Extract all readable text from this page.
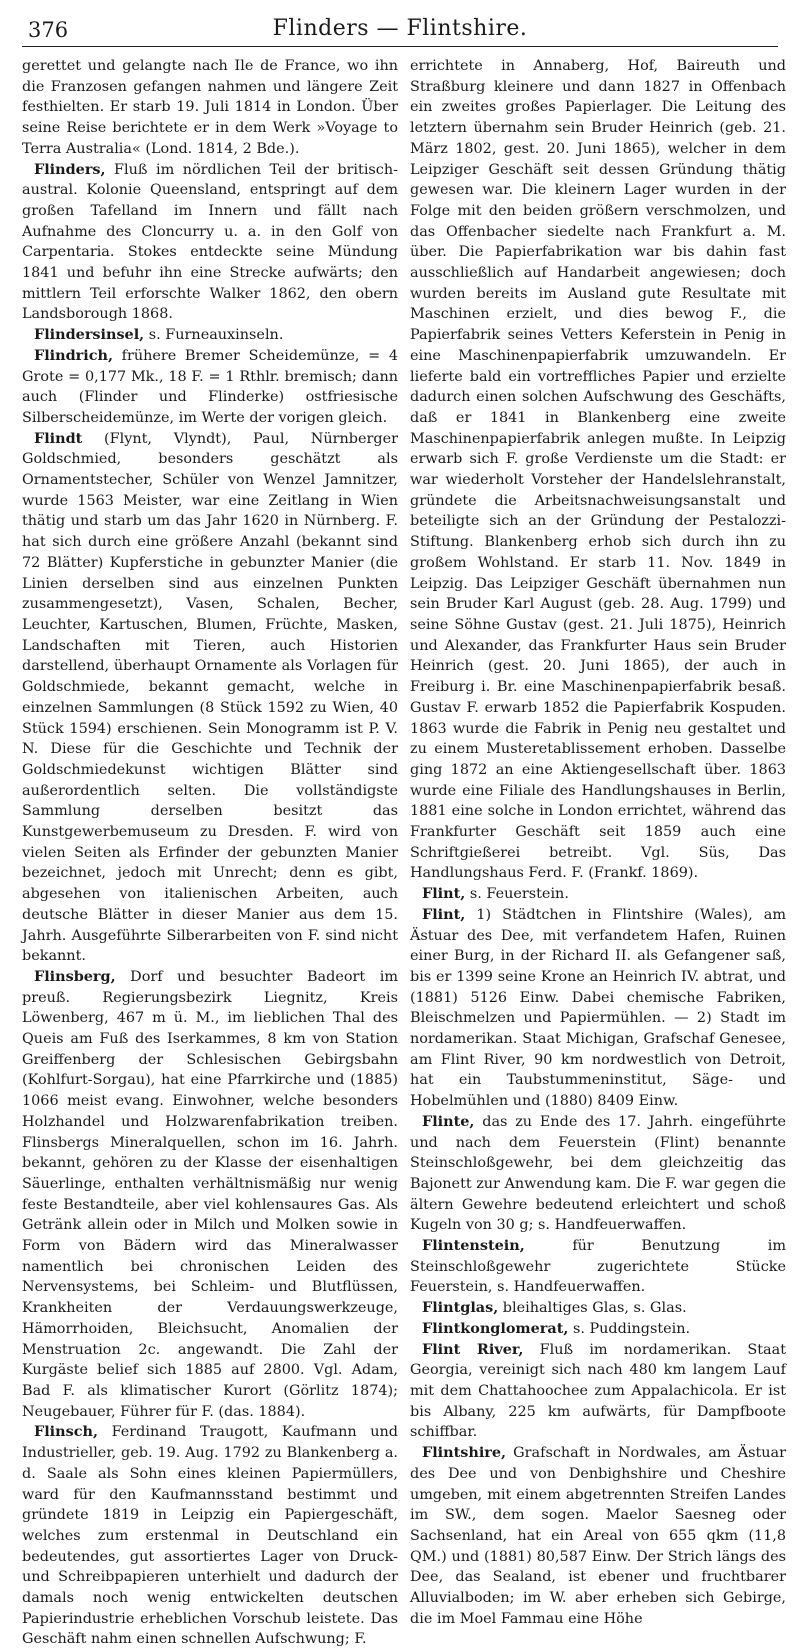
376	Flinders — Flintshire.

gerettet und gelangte nach Ile de France, wo ihn die Franzosen gefangen nahmen und längere Zeit festhielten. Er starb 19. Juli 1814 in London. Über seine Reise berichtete er in dem Werk »Voyage to Terra Australia« (Lond. 1814, 2 Bde.).

Flinders, Fluß im nördlichen Teil der britisch-austral. Kolonie Queensland, entspringt auf dem großen Tafelland im Innern und fällt nach Aufnahme des Cloncurry u. a. in den Golf von Carpentaria. Stokes entdeckte seine Mündung 1841 und befuhr ihn eine Strecke aufwärts; den mittlern Teil erforschte Walker 1862, den obern Landsborough 1868.

Flindersinsel, s. Furneauxinseln.

Flindrich, frühere Bremer Scheidemünze, = 4 Grote = 0,177 Mk., 18 F. = 1 Rthlr. bremisch; dann auch (Flinder und Flinderke) ostfriesische Silberscheidemünze, im Werte der vorigen gleich.

Flindt (Flynt, Vlyndt), Paul, Nürnberger Goldschmied, besonders geschätzt als Ornamentstecher, Schüler von Wenzel Jamnitzer, wurde 1563 Meister, war eine Zeitlang in Wien thätig und starb um das Jahr 1620 in Nürnberg. F. hat sich durch eine größere Anzahl (bekannt sind 72 Blätter) Kupferstiche in gebunzter Manier (die Linien derselben sind aus einzelnen Punkten zusammengesetzt), Vasen, Schalen, Becher, Leuchter, Kartuschen, Blumen, Früchte, Masken, Landschaften mit Tieren, auch Historien darstellend, überhaupt Ornamente als Vorlagen für Goldschmiede, bekannt gemacht, welche in einzelnen Sammlungen (8 Stück 1592 zu Wien, 40 Stück 1594) erschienen. Sein Monogramm ist P. V. N. Diese für die Geschichte und Technik der Goldschmiedekunst wichtigen Blätter sind außerordentlich selten. Die vollständigste Sammlung derselben besitzt das Kunstgewerbemuseum zu Dresden. F. wird von vielen Seiten als Erfinder der gebunzten Manier bezeichnet, jedoch mit Unrecht; denn es gibt, abgesehen von italienischen Arbeiten, auch deutsche Blätter in dieser Manier aus dem 15. Jahrh. Ausgeführte Silberarbeiten von F. sind nicht bekannt.

Flinsberg, Dorf und besuchter Badeort im preuß. Regierungsbezirk Liegnitz, Kreis Löwenberg, 467 m ü. M., im lieblichen Thal des Queis am Fuß des Iserkammes, 8 km von Station Greiffenberg der Schlesischen Gebirgsbahn (Kohlfurt-Sorgau), hat eine Pfarrkirche und (1885) 1066 meist evang. Einwohner, welche besonders Holzhandel und Holzwarenfabrikation treiben. Flinsbergs Mineralquellen, schon im 16. Jahrh. bekannt, gehören zu der Klasse der eisenhaltigen Säuerlinge, enthalten verhältnismäßig nur wenig feste Bestandteile, aber viel kohlensaures Gas. Als Getränk allein oder in Milch und Molken sowie in Form von Bädern wird das Mineralwasser namentlich bei chronischen Leiden des Nervensystems, bei Schleim- und Blutflüssen, Krankheiten der Verdauungswerkzeuge, Hämorrhoiden, Bleichsucht, Anomalien der Menstruation 2c. angewandt. Die Zahl der Kurgäste belief sich 1885 auf 2800. Vgl. Adam, Bad F. als klimatischer Kurort (Görlitz 1874); Neugebauer, Führer für F. (das. 1884).

Flinsch, Ferdinand Traugott, Kaufmann und Industrieller, geb. 19. Aug. 1792 zu Blankenberg a. d. Saale als Sohn eines kleinen Papiermüllers, ward für den Kaufmannsstand bestimmt und gründete 1819 in Leipzig ein Papiergeschäft, welches zum erstenmal in Deutschland ein bedeutendes, gut assortiertes Lager von Druck- und Schreibpapieren unterhielt und dadurch der damals noch wenig entwickelten deutschen Papierindustrie erheblichen Vorschub leistete. Das Geschäft nahm einen schnellen Aufschwung; F.

errichtete in Annaberg, Hof, Baireuth und Straßburg kleinere und dann 1827 in Offenbach ein zweites großes Papierlager. Die Leitung des letztern übernahm sein Bruder Heinrich (geb. 21. März 1802, gest. 20. Juni 1865), welcher in dem Leipziger Geschäft seit dessen Gründung thätig gewesen war. Die kleinern Lager wurden in der Folge mit den beiden größern verschmolzen, und das Offenbacher siedelte nach Frankfurt a. M. über. Die Papierfabrikation war bis dahin fast ausschließlich auf Handarbeit angewiesen; doch wurden bereits im Ausland gute Resultate mit Maschinen erzielt, und dies bewog F., die Papierfabrik seines Vetters Keferstein in Penig in eine Maschinenpapierfabrik umzuwandeln. Er lieferte bald ein vortreffliches Papier und erzielte dadurch einen solchen Aufschwung des Geschäfts, daß er 1841 in Blankenberg eine zweite Maschinenpapierfabrik anlegen mußte. In Leipzig erwarb sich F. große Verdienste um die Stadt: er war wiederholt Vorsteher der Handelslehranstalt, gründete die Arbeitsnachweisungsanstalt und beteiligte sich an der Gründung der Pestalozzi-Stiftung. Blankenberg erhob sich durch ihn zu großem Wohlstand. Er starb 11. Nov. 1849 in Leipzig. Das Leipziger Geschäft übernahmen nun sein Bruder Karl August (geb. 28. Aug. 1799) und seine Söhne Gustav (gest. 21. Juli 1875), Heinrich und Alexander, das Frankfurter Haus sein Bruder Heinrich (gest. 20. Juni 1865), der auch in Freiburg i. Br. eine Maschinenpapierfabrik besaß. Gustav F. erwarb 1852 die Papierfabrik Kospuden. 1863 wurde die Fabrik in Penig neu gestaltet und zu einem Musteretablissement erhoben. Dasselbe ging 1872 an eine Aktiengesellschaft über. 1863 wurde eine Filiale des Handlungshauses in Berlin, 1881 eine solche in London errichtet, während das Frankfurter Geschäft seit 1859 auch eine Schriftgießerei betreibt. Vgl. Süs, Das Handlungshaus Ferd. F. (Frankf. 1869).

Flint, s. Feuerstein.

Flint, 1) Städtchen in Flintshire (Wales), am Ästuar des Dee, mit verfandetem Hafen, Ruinen einer Burg, in der Richard II. als Gefangener saß, bis er 1399 seine Krone an Heinrich IV. abtrat, und (1881) 5126 Einw. Dabei chemische Fabriken, Bleischmelzen und Papiermühlen. — 2) Stadt im nordamerikan. Staat Michigan, Grafschaf Genesee, am Flint River, 90 km nordwestlich von Detroit, hat ein Taubstummeninstitut, Säge- und Hobelmühlen und (1880) 8409 Einw.

Flinte, das zu Ende des 17. Jahrh. eingeführte und nach dem Feuerstein (Flint) benannte Steinschloßgewehr, bei dem gleichzeitig das Bajonett zur Anwendung kam. Die F. war gegen die ältern Gewehre bedeutend erleichtert und schoß Kugeln von 30 g; s. Handfeuerwaffen.

Flintenstein, für Benutzung im Steinschloßgewehr zugerichtete Stücke Feuerstein, s. Handfeuerwaffen.

Flintglas, bleihaltiges Glas, s. Glas.

Flintkonglomerat, s. Puddingstein.

Flint River, Fluß im nordamerikan. Staat Georgia, vereinigt sich nach 480 km langem Lauf mit dem Chattahoochee zum Appalachicola. Er ist bis Albany, 225 km aufwärts, für Dampfboote schiffbar.

Flintshire, Grafschaft in Nordwales, am Ästuar des Dee und von Denbighshire und Cheshire umgeben, mit einem abgetrennten Streifen Landes im SW., dem sogen. Maelor Saesneg oder Sachsenland, hat ein Areal von 655 qkm (11,8 QM.) und (1881) 80,587 Einw. Der Strich längs des Dee, das Sealand, ist ebener und fruchtbarer Alluvialboden; im W. aber erheben sich Gebirge, die im Moel Fammau eine Höhe
